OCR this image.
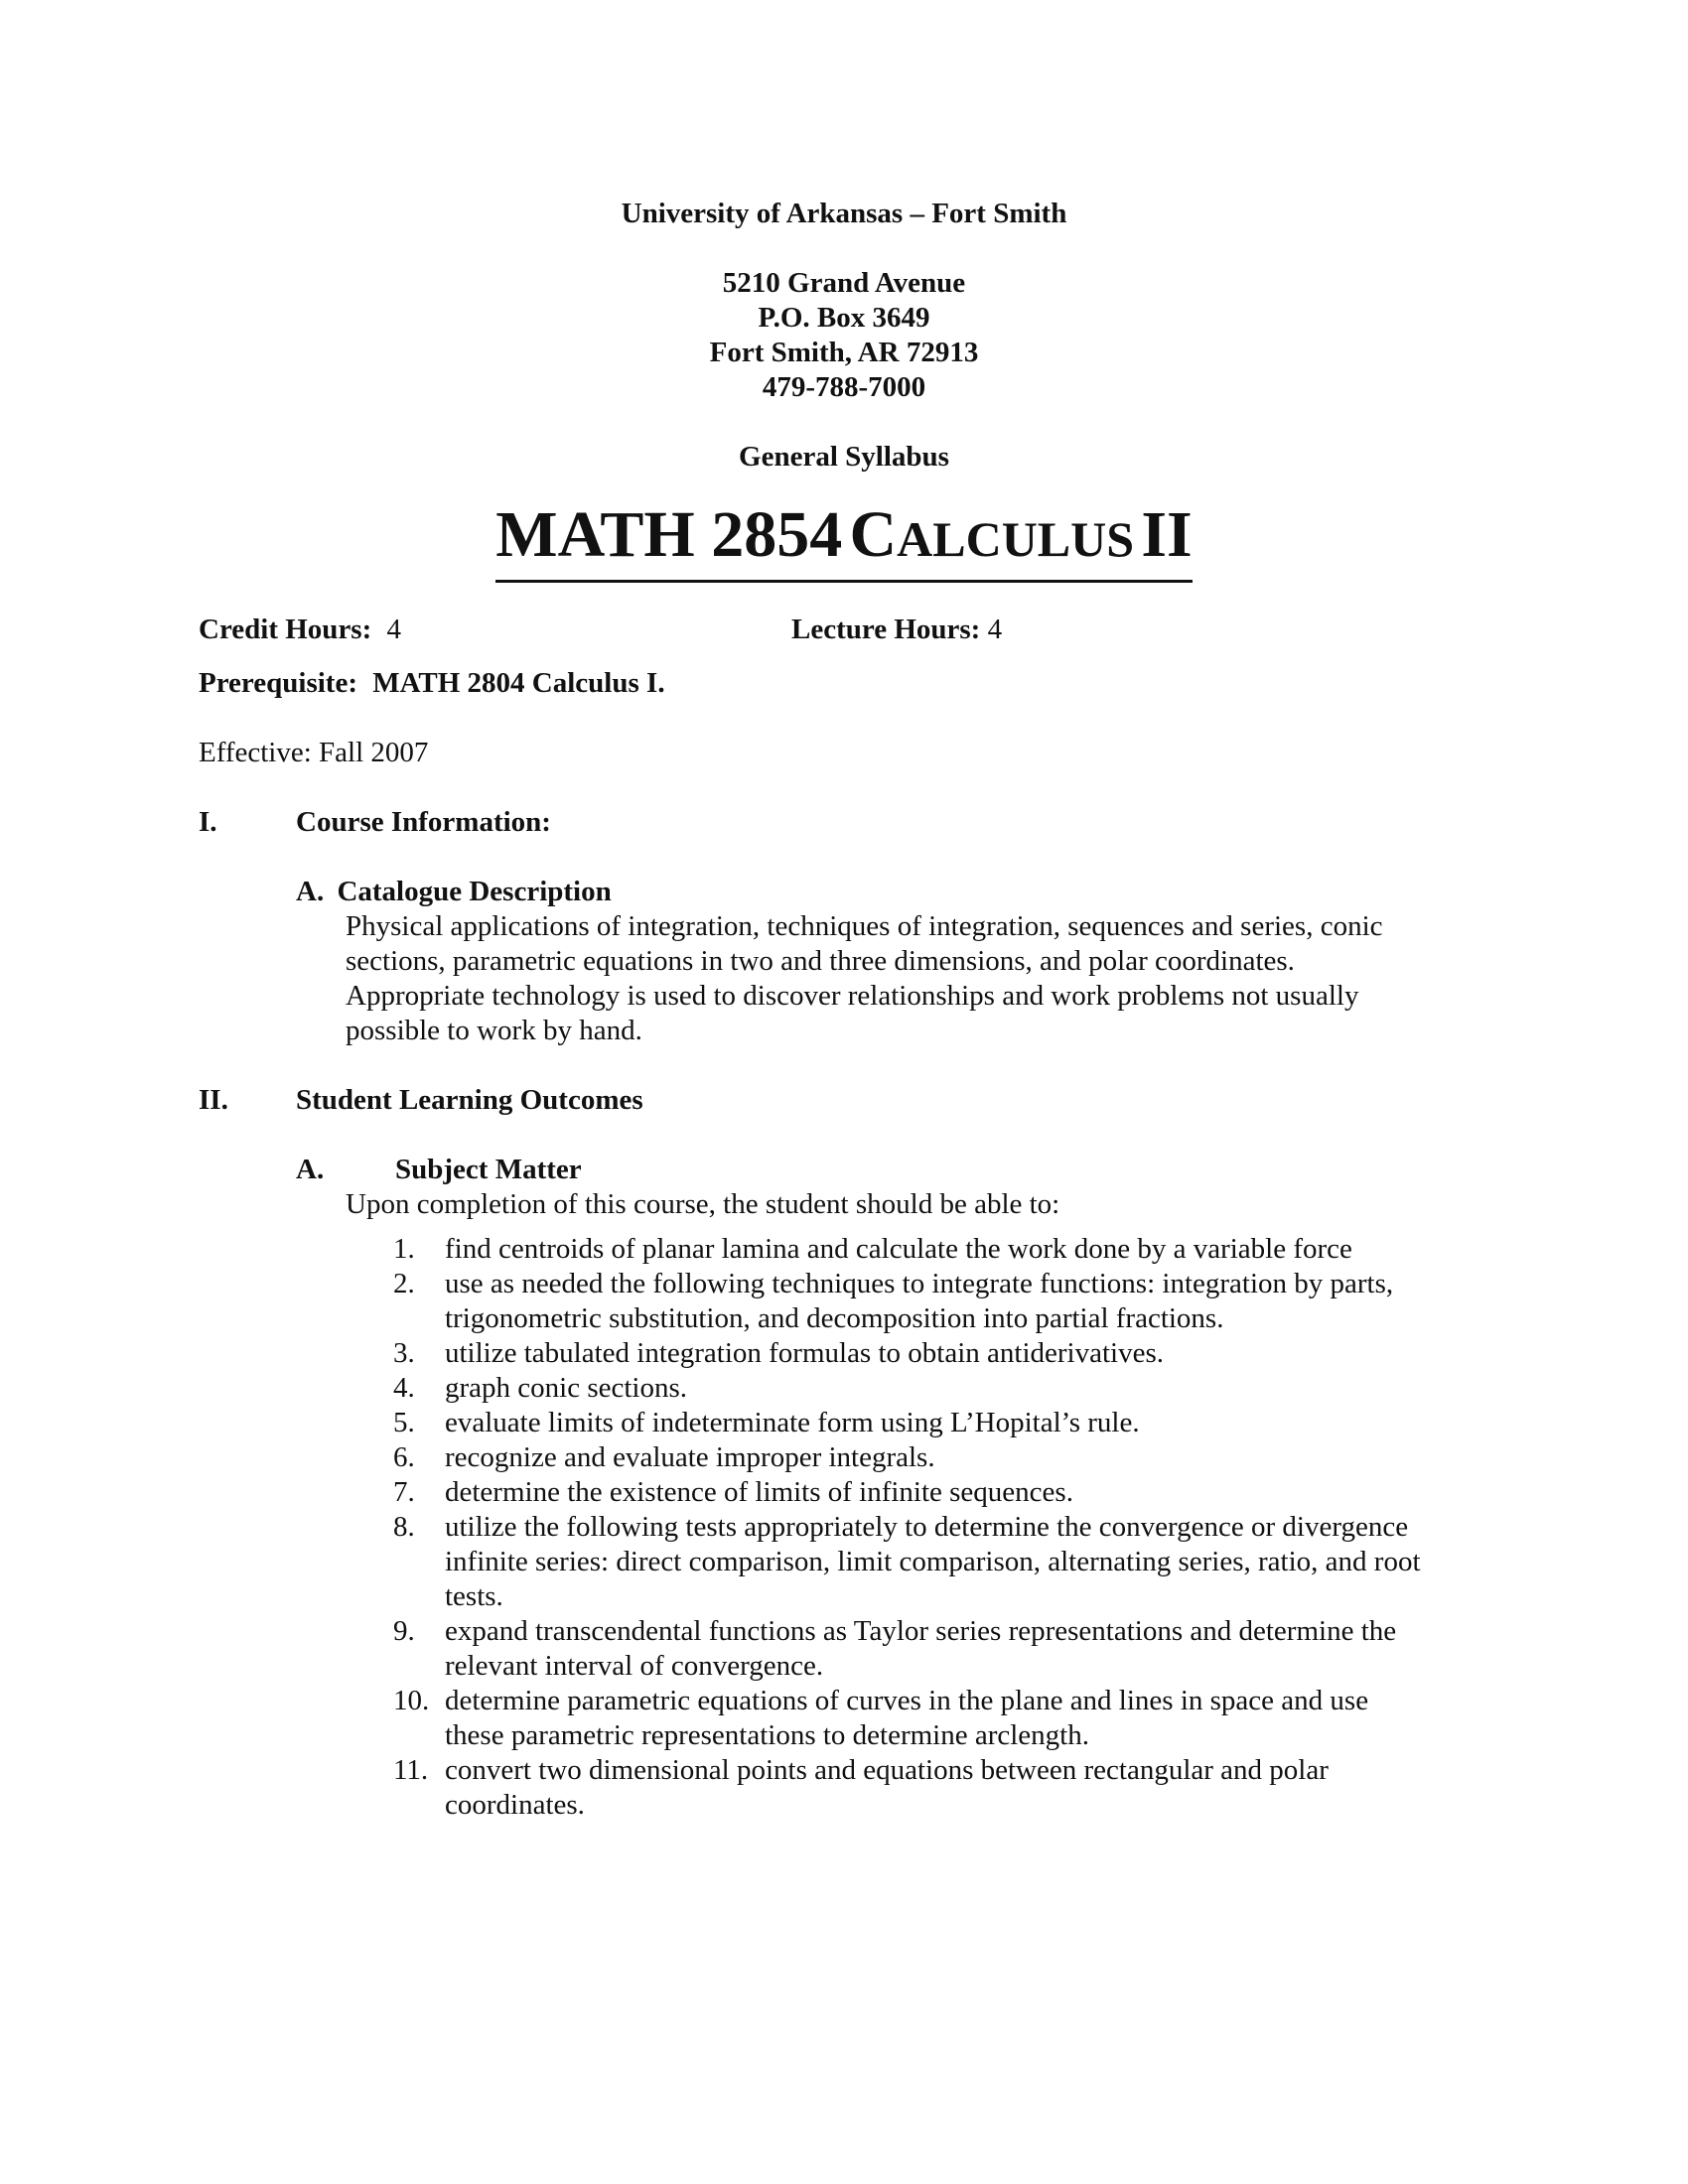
University of Arkansas – Fort Smith
5210 Grand Avenue
P.O. Box 3649
Fort Smith, AR 72913
479-788-7000
General Syllabus
MATH 2854 CALCULUS II
Credit Hours: 4	Lecture Hours: 4
Prerequisite: MATH 2804 Calculus I.
Effective: Fall 2007
I.	Course Information:
A. Catalogue Description
Physical applications of integration, techniques of integration, sequences and series, conic
sections, parametric equations in two and three dimensions, and polar coordinates.
Appropriate technology is used to discover relationships and work problems not usually
possible to work by hand.
II. Student Learning Outcomes
A. Subject Matter
Upon completion of this course, the student should be able to:
1.	find centroids of planar lamina and calculate the work done by a variable force
2.	use as needed the following techniques to integrate functions: integration by parts,
trigonometric substitution, and decomposition into partial fractions.
3.	utilize tabulated integration formulas to obtain antiderivatives.
4.	graph conic sections.
5.	evaluate limits of indeterminate form using L’Hopital’s rule.
6.	recognize and evaluate improper integrals.
7.	determine the existence of limits of infinite sequences.
8.	utilize the following tests appropriately to determine the convergence or divergence
infinite series: direct comparison, limit comparison, alternating series, ratio, and root
tests.
9.	expand transcendental functions as Taylor series representations and determine the
relevant interval of convergence.
10. determine parametric equations of curves in the plane and lines in space and use
these parametric representations to determine arclength.
11. convert two dimensional points and equations between rectangular and polar
coordinates.
